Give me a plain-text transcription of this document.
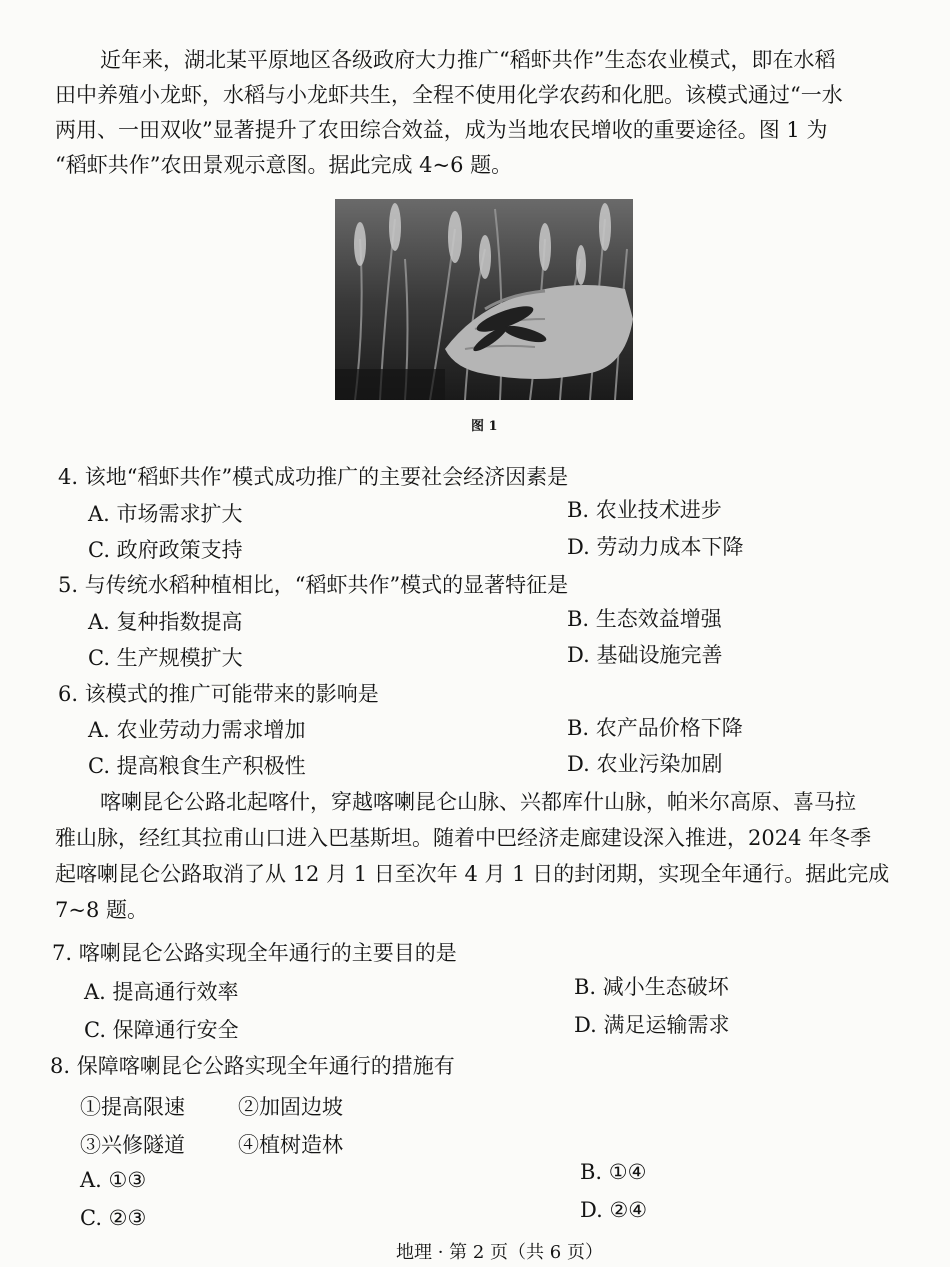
近年来，湖北某平原地区各级政府大力推广“稻虾共作”生态农业模式，即在水稻
田中养殖小龙虾，水稻与小龙虾共生，全程不使用化学农药和化肥。该模式通过“一水
两用、一田双收”显著提升了农田综合效益，成为当地农民增收的重要途径。图 1 为
“稻虾共作”农田景观示意图。据此完成 4~6 题。
图 1
4. 该地“稻虾共作”模式成功推广的主要社会经济因素是
A. 市场需求扩大	B. 农业技术进步
C. 政府政策支持	D. 劳动力成本下降
5. 与传统水稻种植相比，“稻虾共作”模式的显著特征是
A. 复种指数提高	B. 生态效益增强
C. 生产规模扩大	D. 基础设施完善
6. 该模式的推广可能带来的影响是
A. 农业劳动力需求增加	B. 农产品价格下降
C. 提高粮食生产积极性	D. 农业污染加剧
喀喇昆仑公路北起喀什，穿越喀喇昆仑山脉、兴都库什山脉，帕米尔高原、喜马拉
雅山脉，经红其拉甫山口进入巴基斯坦。随着中巴经济走廊建设深入推进，2024 年冬季
起喀喇昆仑公路取消了从 12 月 1 日至次年 4 月 1 日的封闭期，实现全年通行。据此完成
7~8 题。
7. 喀喇昆仑公路实现全年通行的主要目的是
A. 提高通行效率	B. 减小生态破坏
C. 保障通行安全	D. 满足运输需求
8. 保障喀喇昆仑公路实现全年通行的措施有
①提高限速	②加固边坡
③兴修隧道	④植树造林
A. ①③	B. ①④
C. ②③	D. ②④
地理 · 第 2 页（共 6 页）
